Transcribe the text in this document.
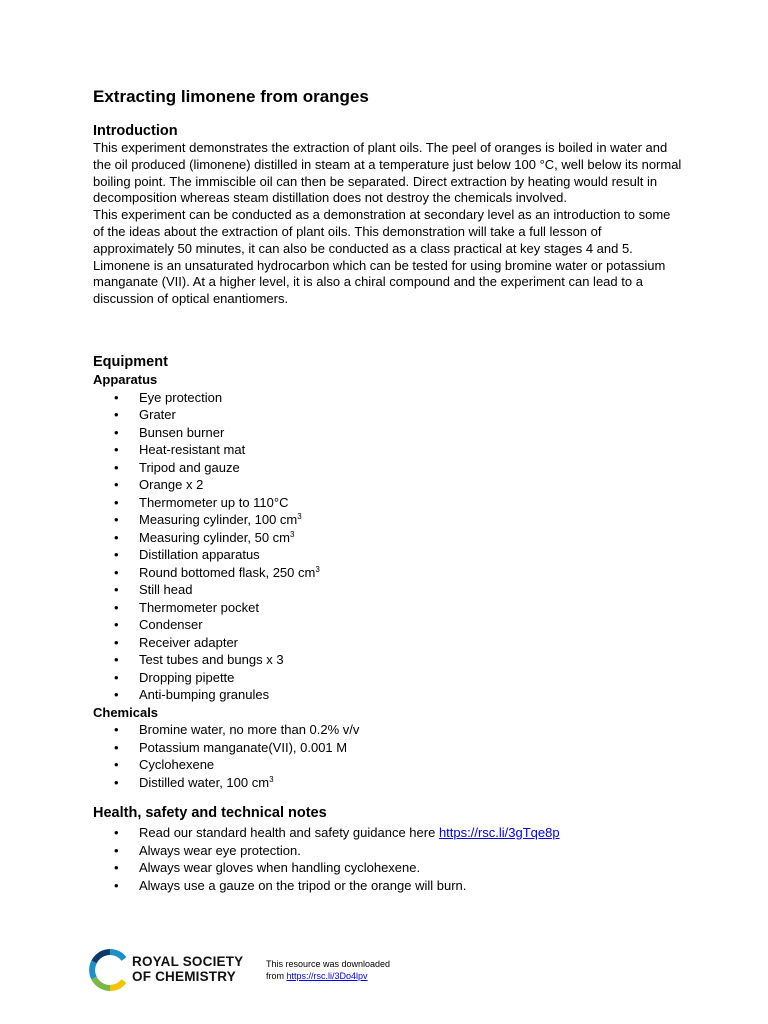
Extracting limonene from oranges
Introduction

This experiment demonstrates the extraction of plant oils. The peel of oranges is boiled in water and the oil produced (limonene) distilled in steam at a temperature just below 100 °C, well below its normal boiling point. The immiscible oil can then be separated. Direct extraction by heating would result in decomposition whereas steam distillation does not destroy the chemicals involved.

This experiment can be conducted as a demonstration at secondary level as an introduction to some of the ideas about the extraction of plant oils. This demonstration will take a full lesson of approximately 50 minutes, it can also be conducted as a class practical at key stages 4 and 5.

Limonene is an unsaturated hydrocarbon which can be tested for using bromine water or potassium manganate (VII). At a higher level, it is also a chiral compound and the experiment can lead to a discussion of optical enantiomers.

Equipment
Apparatus
• Eye protection
• Grater
• Bunsen burner
• Heat-resistant mat
• Tripod and gauze
• Orange x 2
• Thermometer up to 110°C
• Measuring cylinder, 100 $cm^3$
• Measuring cylinder, 50 $cm^3$
• Distillation apparatus
• Round bottomed flask, 250 $cm^3$
• Still head
• Thermometer pocket
• Condenser
• Receiver adapter
• Test tubes and bungs x 3
• Dropping pipette
• Anti-bumping granules
Chemicals
• Bromine water, no more than 0.2% v/v
• Potassium manganate(VII), 0.001 M
• Cyclohexene
• Distilled water, 100 $cm^3$
Health, safety and technical notes
• Read our standard health and safety guidance here https://rsc.li/3gTqe8p
• Always wear eye protection.
• Always wear gloves when handling cyclohexene.
• Always use a gauze on the tripod or the orange will burn.
ROYAL SOCIETY
OF CHEMISTRY
This resource was downloaded
from https://rsc.li/3Do4lpv
